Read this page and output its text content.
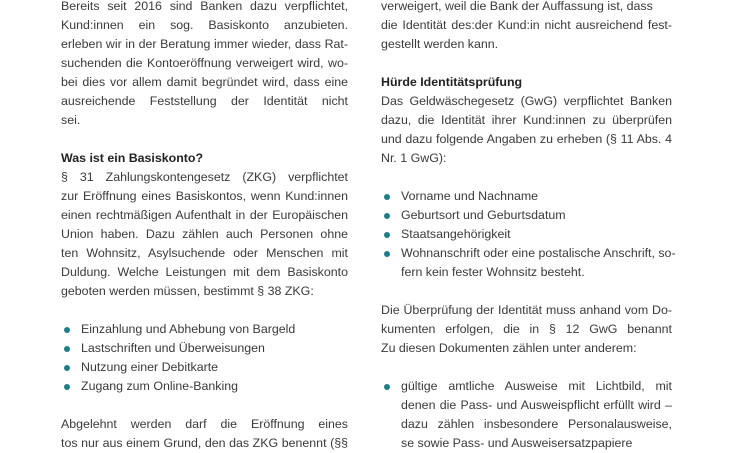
Bereits seit 2016 sind Banken dazu verpflichtet,
Kund:innen ein sog. Basiskonto anzubieten.
erleben wir in der Beratung immer wieder, dass Rat-
suchenden die Kontoeröffnung verweigert wird, wo-
bei dies vor allem damit begründet wird, dass eine
ausreichende Feststellung der Identität nicht
sei.
Was ist ein Basiskonto?
§ 31 Zahlungskontengesetz (ZKG) verpflichtet
zur Eröffnung eines Basiskontos, wenn Kund:innen
einen rechtmäßigen Aufenthalt in der Europäischen
Union haben. Dazu zählen auch Personen ohne
ten Wohnsitz, Asylsuchende oder Menschen mit
Duldung. Welche Leistungen mit dem Basiskonto
geboten werden müssen, bestimmt § 38 ZKG:
Einzahlung und Abhebung von Bargeld
Lastschriften und Überweisungen
Nutzung einer Debitkarte
Zugang zum Online-Banking
Abgelehnt werden darf die Eröffnung eines
tos nur aus einem Grund, den das ZKG benennt (§§
verweigert, weil die Bank der Auffassung ist, dass
die Identität des:der Kund:in nicht ausreichend fest-
gestellt werden kann.
Hürde Identitätsprüfung
Das Geldwäschegesetz (GwG) verpflichtet Banken
dazu, die Identität ihrer Kund:innen zu überprüfen
und dazu folgende Angaben zu erheben (§ 11 Abs. 4
Nr. 1 GwG):
Vorname und Nachname
Geburtsort und Geburtsdatum
Staatsangehörigkeit
Wohnanschrift oder eine postalische Anschrift, so-
fern kein fester Wohnsitz besteht.
Die Überprüfung der Identität muss anhand vom Do-
kumenten erfolgen, die in § 12 GwG benannt
Zu diesen Dokumenten zählen unter anderem:
gültige amtliche Ausweise mit Lichtbild, mit
denen die Pass- und Ausweispflicht erfüllt wird –
dazu zählen insbesondere Personalausweise,
se sowie Pass- und Ausweisersatzpapiere
